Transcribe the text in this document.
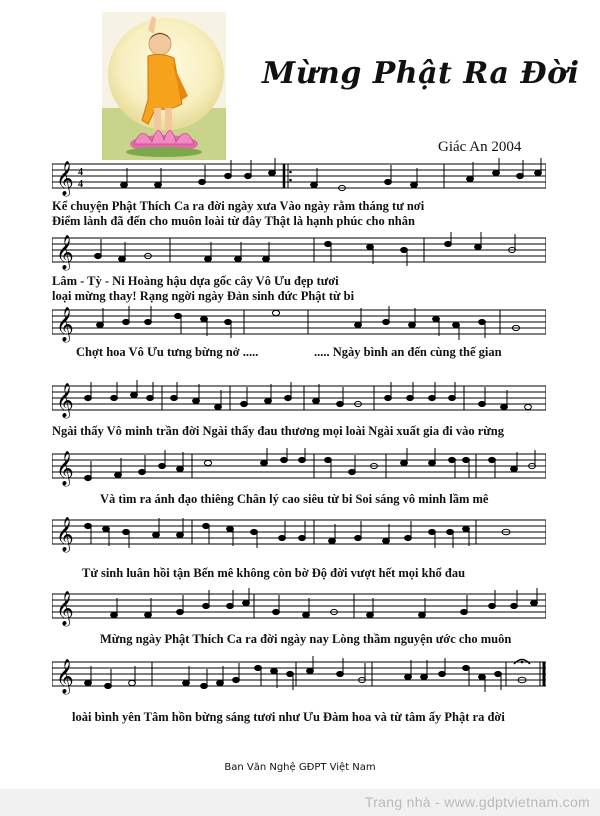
Mừng Phật Ra Đời
Giác An 2004
𝄞 4
4
Kể chuyện Phật Thích Ca ra đời ngày xưa Vào ngày rằm tháng tư nơi
Điểm lành đã đến cho muôn loài từ đây Thật là hạnh phúc cho nhân
𝄞
Lâm - Tỳ - Ni Hoàng hậu dựa gốc cây Vô Ưu đẹp tươi
loại mừng thay! Rạng ngời ngày Đản sinh đức Phật từ bi
𝄞
Chợt hoa Vô Ưu tưng bừng nở .....	..... Ngày bình an đến cùng thế gian
𝄞
Ngài thấy Vô minh trần đời Ngài thấy đau thương mọi loài Ngài xuất gia đi vào rừng
𝄞
Và tìm ra ánh đạo thiêng Chân lý cao siêu từ bi Soi sáng vô minh lầm mê
𝄞
Tử sinh luân hồi tận Bến mê không còn bờ Độ đời vượt hết mọi khổ đau
𝄞
Mừng ngày Phật Thích Ca ra đời ngày nay Lòng thầm nguyện ước cho muôn
𝄞
loài bình yên Tâm hồn bừng sáng tươi như Ưu Đàm hoa và từ tâm ấy Phật ra đời
Ban Văn Nghệ GĐPT Việt Nam
Trang nhà - www.gdptvietnam.com
